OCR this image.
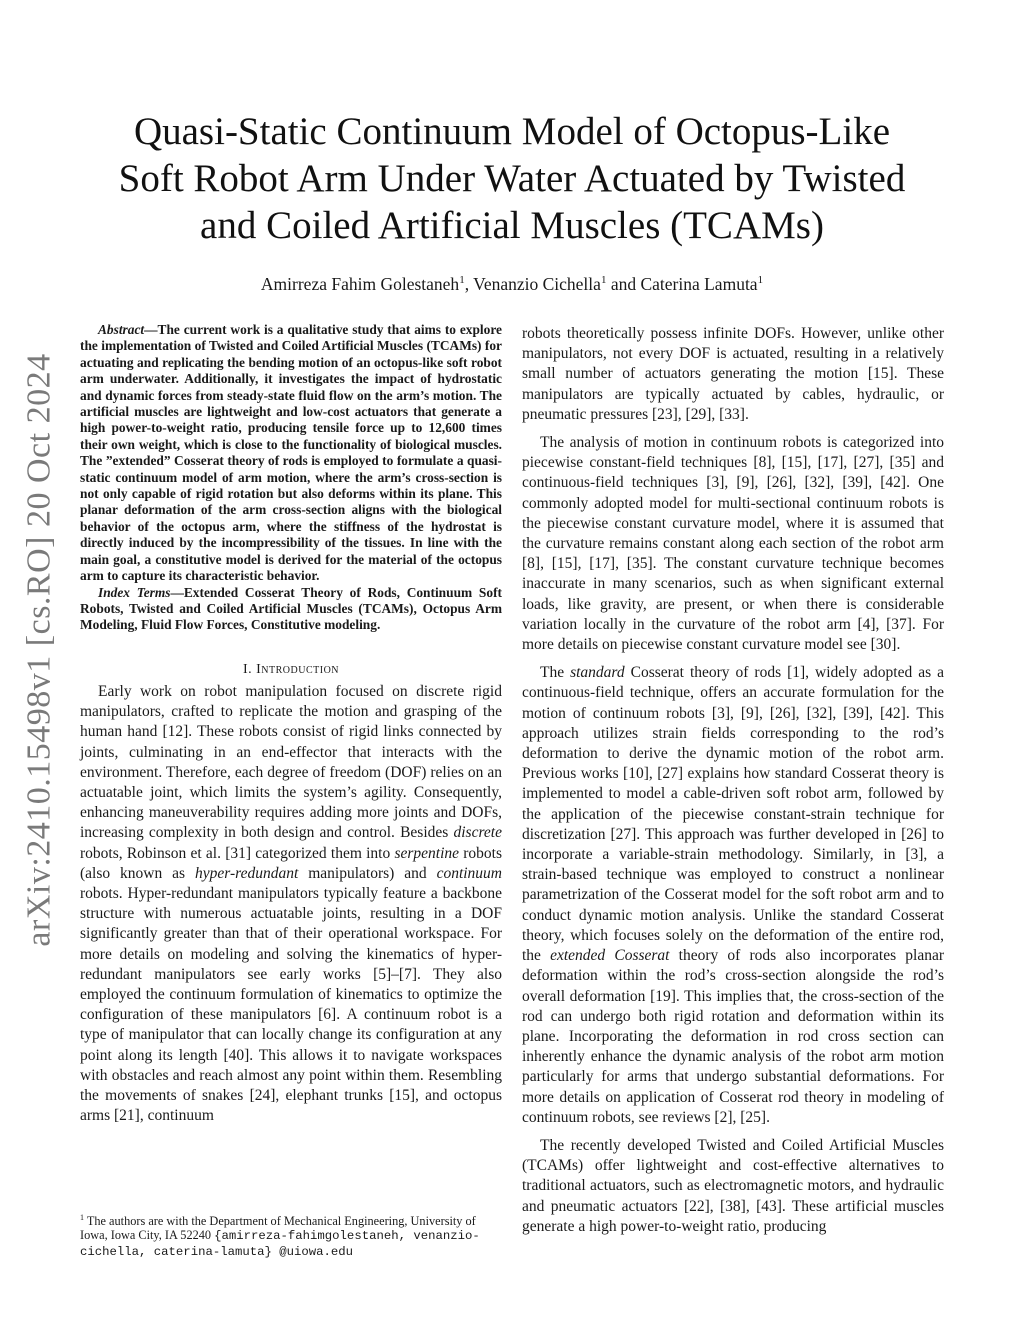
arXiv:2410.15498v1 [cs.RO] 20 Oct 2024
Quasi-Static Continuum Model of Octopus-Like
Soft Robot Arm Under Water Actuated by Twisted
and Coiled Artificial Muscles (TCAMs)
Amirreza Fahim Golestaneh$^1$, Venanzio Cichella$^1$ and Caterina Lamuta$^1$

Abstract—The current work is a qualitative study that aims to explore the implementation of Twisted and Coiled Artificial Muscles (TCAMs) for actuating and replicating the bending motion of an octopus-like soft robot arm underwater. Additionally, it investigates the impact of hydrostatic and dynamic forces from steady-state fluid flow on the arm’s motion. The artificial muscles are lightweight and low-cost actuators that generate a high power-to-weight ratio, producing tensile force up to 12,600 times their own weight, which is close to the functionality of biological muscles. The ”extended” Cosserat theory of rods is employed to formulate a quasi-static continuum model of arm motion, where the arm’s cross-section is not only capable of rigid rotation but also deforms within its plane. This planar deformation of the arm cross-section aligns with the biological behavior of the octopus arm, where the stiffness of the hydrostat is directly induced by the incompressibility of the tissues. In line with the main goal, a constitutive model is derived for the material of the octopus arm to capture its characteristic behavior.

Index Terms—Extended Cosserat Theory of Rods, Continuum Soft Robots, Twisted and Coiled Artificial Muscles (TCAMs), Octopus Arm Modeling, Fluid Flow Forces, Constitutive modeling.

I. Introduction

Early work on robot manipulation focused on discrete rigid manipulators, crafted to replicate the motion and grasping of the human hand [12]. These robots consist of rigid links connected by joints, culminating in an end-effector that interacts with the environment. Therefore, each degree of freedom (DOF) relies on an actuatable joint, which limits the system’s agility. Consequently, enhancing maneuverability requires adding more joints and DOFs, increasing complexity in both design and control. Besides discrete robots, Robinson et al. [31] categorized them into serpentine robots (also known as hyper-redundant manipulators) and continuum robots. Hyper-redundant manipulators typically feature a backbone structure with numerous actuatable joints, resulting in a DOF significantly greater than that of their operational workspace. For more details on modeling and solving the kinematics of hyper-redundant manipulators see early works [5]–[7]. They also employed the continuum formulation of kinematics to optimize the configuration of these manipulators [6]. A continuum robot is a type of manipulator that can locally change its configuration at any point along its length [40]. This allows it to navigate workspaces with obstacles and reach almost any point within them. Resembling the movements of snakes [24], elephant trunks [15], and octopus arms [21], continuum

$^1$ The authors are with the Department of Mechanical Engineering, University of Iowa, Iowa City, IA 52240 {amirreza-fahimgolestaneh, venanzio-cichella, caterina-lamuta} @uiowa.edu

robots theoretically possess infinite DOFs. However, unlike other manipulators, not every DOF is actuated, resulting in a relatively small number of actuators generating the motion [15]. These manipulators are typically actuated by cables, hydraulic, or pneumatic pressures [23], [29], [33].

The analysis of motion in continuum robots is categorized into piecewise constant-field techniques [8], [15], [17], [27], [35] and continuous-field techniques [3], [9], [26], [32], [39], [42]. One commonly adopted model for multi-sectional continuum robots is the piecewise constant curvature model, where it is assumed that the curvature remains constant along each section of the robot arm [8], [15], [17], [35]. The constant curvature technique becomes inaccurate in many scenarios, such as when significant external loads, like gravity, are present, or when there is considerable variation locally in the curvature of the robot arm [4], [37]. For more details on piecewise constant curvature model see [30].

The standard Cosserat theory of rods [1], widely adopted as a continuous-field technique, offers an accurate formulation for the motion of continuum robots [3], [9], [26], [32], [39], [42]. This approach utilizes strain fields corresponding to the rod’s deformation to derive the dynamic motion of the robot arm. Previous works [10], [27] explains how standard Cosserat theory is implemented to model a cable-driven soft robot arm, followed by the application of the piecewise constant-strain technique for discretization [27]. This approach was further developed in [26] to incorporate a variable-strain methodology. Similarly, in [3], a strain-based technique was employed to construct a nonlinear parametrization of the Cosserat model for the soft robot arm and to conduct dynamic motion analysis. Unlike the standard Cosserat theory, which focuses solely on the deformation of the entire rod, the extended Cosserat theory of rods also incorporates planar deformation within the rod’s cross-section alongside the rod’s overall deformation [19]. This implies that, the cross-section of the rod can undergo both rigid rotation and deformation within its plane. Incorporating the deformation in rod cross section can inherently enhance the dynamic analysis of the robot arm motion particularly for arms that undergo substantial deformations. For more details on application of Cosserat rod theory in modeling of continuum robots, see reviews [2], [25].

The recently developed Twisted and Coiled Artificial Muscles (TCAMs) offer lightweight and cost-effective alternatives to traditional actuators, such as electromagnetic motors, and hydraulic and pneumatic actuators [22], [38], [43]. These artificial muscles generate a high power-to-weight ratio, producing
